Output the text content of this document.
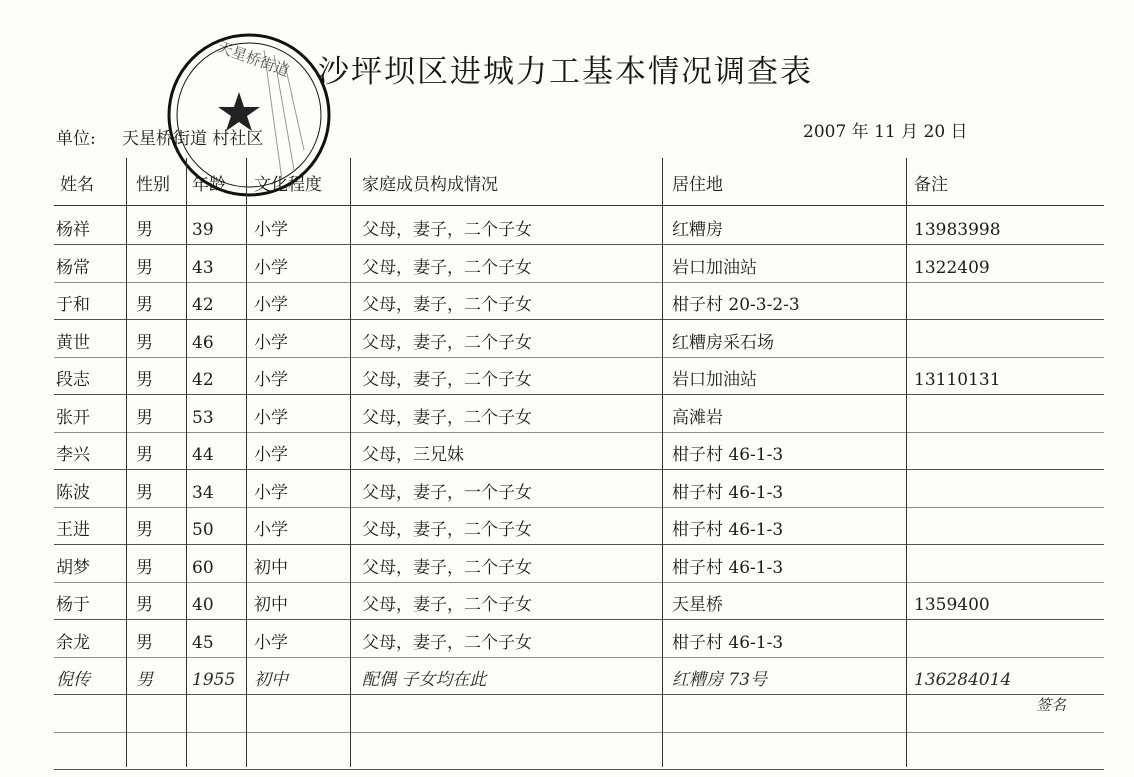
天星桥街道 沙坪坝区进城力工基本情况调查表
单位: 天星桥街道 村社区	2007 年 11 月 20 日
姓名 性别 年龄 文化程度 家庭成员构成情况	居住地	备注
杨祥	男	39	小学	父母，妻子，二个子女	红糟房	13983998
杨常	男	43	小学	父母，妻子，二个子女	岩口加油站	1322409
于和	男	42	小学	父母，妻子，二个子女	柑子村 20-3-2-3
黄世	男	46	小学	父母，妻子，二个子女	红糟房采石场
段志	男	42	小学	父母，妻子，二个子女	岩口加油站	13110131
张开	男	53	小学	父母，妻子，二个子女	高滩岩
李兴	男	44	小学	父母，三兄妹	柑子村 46-1-3
陈波	男	34	小学	父母，妻子，一个子女	柑子村 46-1-3
王进	男	50	小学	父母，妻子，二个子女	柑子村 46-1-3
胡梦	男	60	初中	父母，妻子，二个子女	柑子村 46-1-3
杨于	男	40	初中	父母，妻子，二个子女	天星桥	1359400
余龙	男	45	小学	父母，妻子，二个子女	柑子村 46-1-3
倪传	男	1955	初中	配偶 子女均在此	红糟房 73号	136284014
签名
